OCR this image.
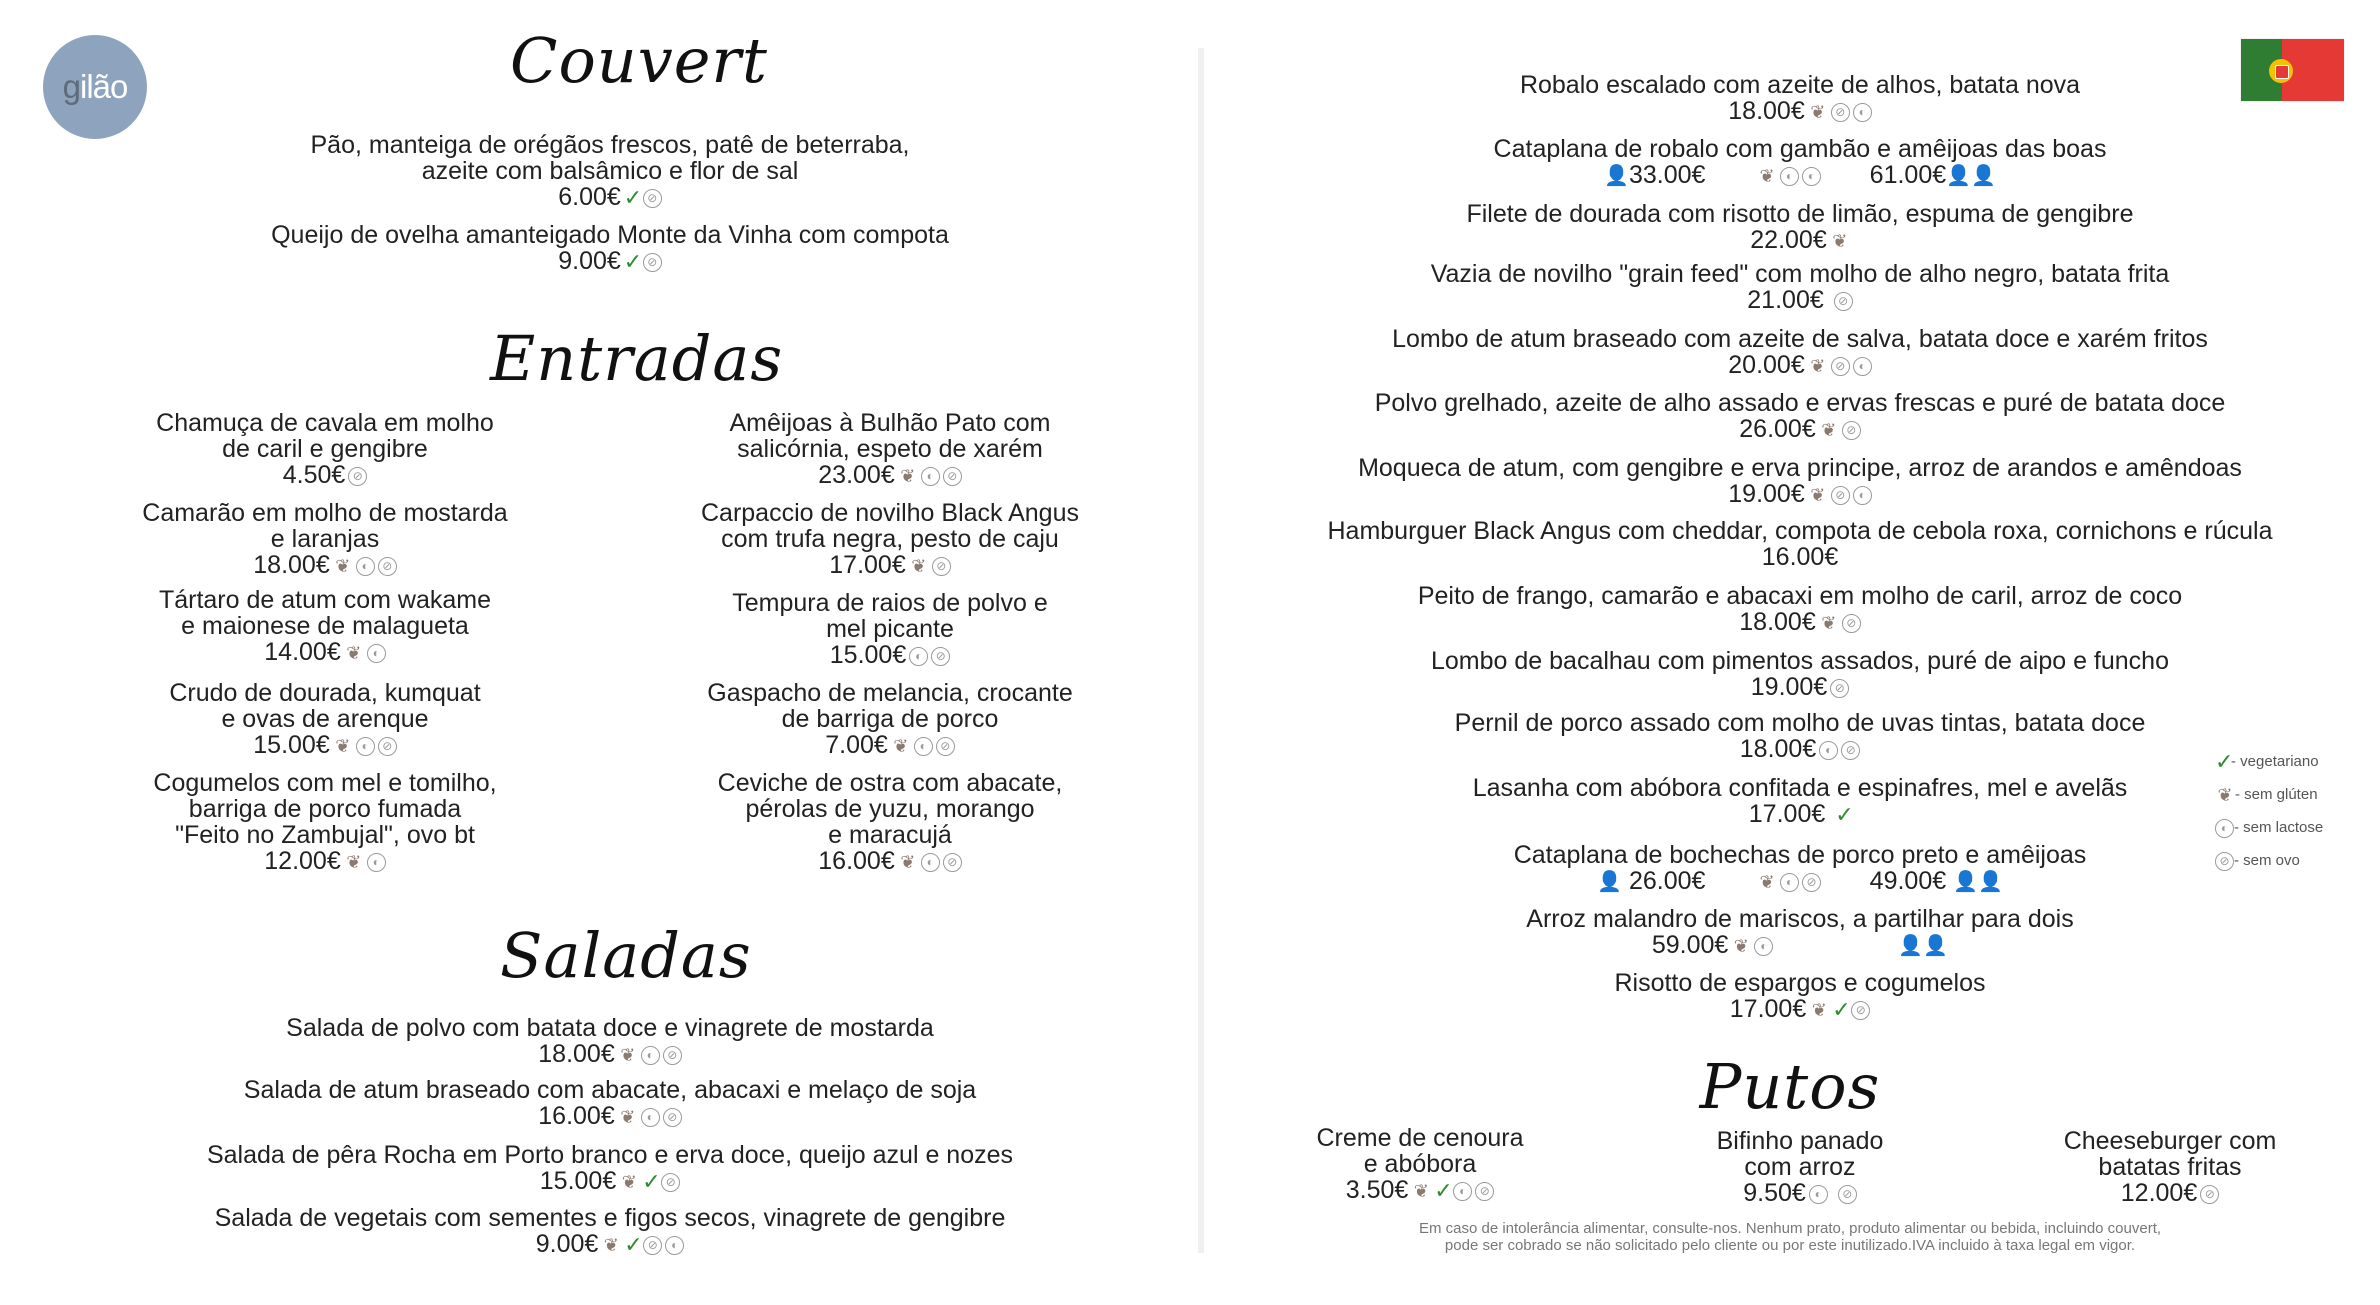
g ilão	Couvert
Entradas
Saladas
Putos
Pão, manteiga de orégãos frescos, patê de beterraba,
azeite com balsâmico e flor de sal
6.00€ ✓ ⊘
Queijo de ovelha amanteigado Monte da Vinha com compota
9.00€ ✓ ⊘
Chamuça de cavala em molho
de caril e gengibre
4.50€ ⊘
Camarão em molho de mostarda
e laranjas
18.00€ ❦ ◐ ⊘
Tártaro de atum com wakame
e maionese de malagueta
14.00€ ❦ ◐
Crudo de dourada, kumquat
e ovas de arenque
15.00€ ❦ ◐ ⊘
Cogumelos com mel e tomilho,
barriga de porco fumada
"Feito no Zambujal", ovo bt
12.00€ ❦ ◐
Amêijoas à Bulhão Pato com
salicórnia, espeto de xarém
23.00€ ❦ ◐ ⊘
Carpaccio de novilho Black Angus
com trufa negra, pesto de caju
17.00€ ❦ ⊘
Tempura de raios de polvo e
mel picante
15.00€ ◐ ⊘
Gaspacho de melancia, crocante
de barriga de porco
7.00€ ❦ ◐ ⊘
Ceviche de ostra com abacate,
pérolas de yuzu, morango
e maracujá
16.00€ ❦ ◐ ⊘
Salada de polvo com batata doce e vinagrete de mostarda
18.00€ ❦ ◐ ⊘
Salada de atum braseado com abacate, abacaxi e melaço de soja
16.00€ ❦ ◐ ⊘
Salada de pêra Rocha em Porto branco e erva doce, queijo azul e nozes
15.00€ ❦ ✓ ⊘
Salada de vegetais com sementes e figos secos, vinagrete de gengibre
9.00€ ❦ ✓ ⊘ ◐
Robalo escalado com azeite de alhos, batata nova
18.00€ ❦ ⊘ ◐
Cataplana de robalo com gambão e amêijoas das boas
👤33.00€	❦ ◐ ◐ 61.00€👤👤
Filete de dourada com risotto de limão, espuma de gengibre
22.00€ ❦
Vazia de novilho "grain feed" com molho de alho negro, batata frita
21.00€ ⊘
Lombo de atum braseado com azeite de salva, batata doce e xarém fritos
20.00€ ❦ ⊘ ◐
Polvo grelhado, azeite de alho assado e ervas frescas e puré de batata doce
26.00€ ❦ ⊘
Moqueca de atum, com gengibre e erva principe, arroz de arandos e amêndoas
19.00€ ❦ ⊘ ◐
Hamburguer Black Angus com cheddar, compota de cebola roxa, cornichons e rúcula
16.00€
Peito de frango, camarão e abacaxi em molho de caril, arroz de coco
18.00€ ❦ ⊘
Lombo de bacalhau com pimentos assados, puré de aipo e funcho
19.00€ ⊘
Pernil de porco assado com molho de uvas tintas, batata doce
18.00€ ◐ ⊘
Lasanha com abóbora confitada e espinafres, mel e avelãs
17.00€ ✓
Cataplana de bochechas de porco preto e amêijoas
👤 26.00€	❦ ◐ ⊘ 49.00€ 👤👤
Arroz malandro de mariscos, a partilhar para dois
59.00€ ❦ ◐	👤👤
Risotto de espargos e cogumelos
17.00€ ❦ ✓ ⊘
Creme de cenoura
e abóbora
3.50€ ❦ ✓ ◐ ⊘
Bifinho panado
com arroz
9.50€ ◐ ⊘
Cheeseburger com
batatas fritas
12.00€ ⊘
✓- vegetariano
❦ - sem glúten
◐ - sem lactose
⊘ - sem ovo
Em caso de intolerância alimentar, consulte-nos. Nenhum prato, produto alimentar ou bebida, incluindo couvert,
pode ser cobrado se não solicitado pelo cliente ou por este inutilizado.IVA incluido à taxa legal em vigor.
